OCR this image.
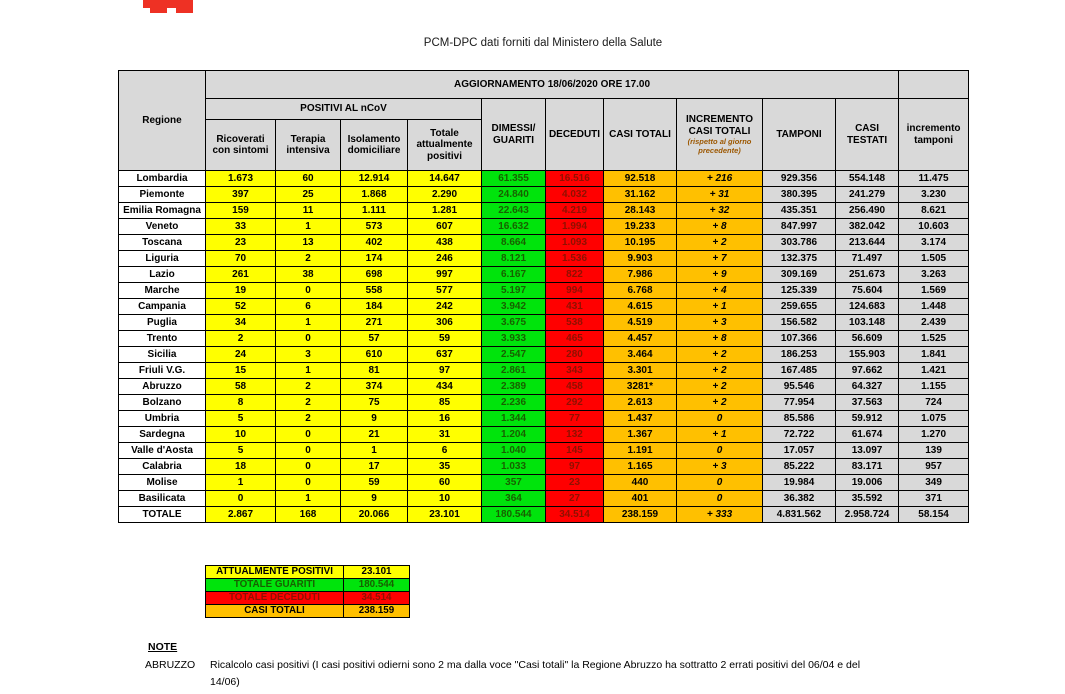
PCM-DPC dati forniti dal Ministero della Salute
Regione	AGGIORNAMENTO 18/06/2020 ORE 17.00										
	POSITIVI AL nCoV				DIMESSI/ GUARITI	DECEDUTI	CASI TOTALI	INCREMENTO CASI TOTALI
(rispetto al giorno precedente)	TAMPONI	CASI TESTATI	incremento tamponi
	Ricoverati con sintomi	Terapia intensiva	Isolamento domiciliare	Totale attualmente positivi							
Lombardia	1.673	60	12.914	14.647	61.355	16.516	92.518	+ 216	929.356	554.148	11.475
Piemonte	397	25	1.868	2.290	24.840	4.032	31.162	+ 31	380.395	241.279	3.230
Emilia Romagna	159	11	1.111	1.281	22.643	4.219	28.143	+ 32	435.351	256.490	8.621
Veneto	33	1	573	607	16.632	1.994	19.233	+ 8	847.997	382.042	10.603
Toscana	23	13	402	438	8.664	1.093	10.195	+ 2	303.786	213.644	3.174
Liguria	70	2	174	246	8.121	1.536	9.903	+ 7	132.375	71.497	1.505
Lazio	261	38	698	997	6.167	822	7.986	+ 9	309.169	251.673	3.263
Marche	19	0	558	577	5.197	994	6.768	+ 4	125.339	75.604	1.569
Campania	52	6	184	242	3.942	431	4.615	+ 1	259.655	124.683	1.448
Puglia	34	1	271	306	3.675	538	4.519	+ 3	156.582	103.148	2.439
Trento	2	0	57	59	3.933	465	4.457	+ 8	107.366	56.609	1.525
Sicilia	24	3	610	637	2.547	280	3.464	+ 2	186.253	155.903	1.841
Friuli V.G.	15	1	81	97	2.861	343	3.301	+ 2	167.485	97.662	1.421
Abruzzo	58	2	374	434	2.389	458	3281*	+ 2	95.546	64.327	1.155
Bolzano	8	2	75	85	2.236	292	2.613	+ 2	77.954	37.563	724
Umbria	5	2	9	16	1.344	77	1.437	0	85.586	59.912	1.075
Sardegna	10	0	21	31	1.204	132	1.367	+ 1	72.722	61.674	1.270
Valle d'Aosta	5	0	1	6	1.040	145	1.191	0	17.057	13.097	139
Calabria	18	0	17	35	1.033	97	1.165	+ 3	85.222	83.171	957
Molise	1	0	59	60	357	23	440	0	19.984	19.006	349
Basilicata	0	1	9	10	364	27	401	0	36.382	35.592	371
TOTALE	2.867	168	20.066	23.101	180.544	34.514	238.159	+ 333	4.831.562	2.958.724	58.154
ATTUALMENTE POSITIVI	23.101
TOTALE GUARITI	180.544
TOTALE DECEDUTI	34.514
CASI TOTALI	238.159
NOTE
ABRUZZO Ricalcolo casi positivi (I casi positivi odierni sono 2 ma dalla voce "Casi totali" la Regione Abruzzo ha sottratto 2 errati positivi del 06/04 e del 14/06)
